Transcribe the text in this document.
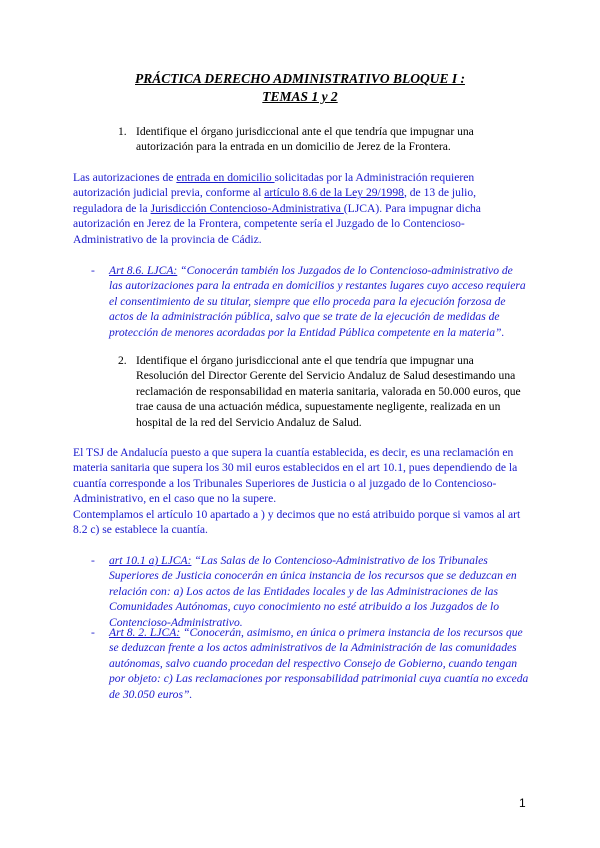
PRÁCTICA DERECHO ADMINISTRATIVO BLOQUE I :
TEMAS 1 y 2
1. Identifique el órgano jurisdiccional ante el que tendría que impugnar una autorización para la entrada en un domicilio de Jerez de la Frontera.
Las autorizaciones de entrada en domicilio solicitadas por la Administración requieren autorización judicial previa, conforme al artículo 8.6 de la Ley 29/1998, de 13 de julio, reguladora de la Jurisdicción Contencioso-Administrativa (LJCA). Para impugnar dicha autorización en Jerez de la Frontera, competente sería el Juzgado de lo Contencioso-Administrativo de la provincia de Cádiz.
- Art 8.6. LJCA: “Conocerán también los Juzgados de lo Contencioso-administrativo de las autorizaciones para la entrada en domicilios y restantes lugares cuyo acceso requiera el consentimiento de su titular, siempre que ello proceda para la ejecución forzosa de actos de la administración pública, salvo que se trate de la ejecución de medidas de protección de menores acordadas por la Entidad Pública competente en la materia”.
2. Identifique el órgano jurisdiccional ante el que tendría que impugnar una Resolución del Director Gerente del Servicio Andaluz de Salud desestimando una reclamación de responsabilidad en materia sanitaria, valorada en 50.000 euros, que trae causa de una actuación médica, supuestamente negligente, realizada en un hospital de la red del Servicio Andaluz de Salud.
El TSJ de Andalucía puesto a que supera la cuantía establecida, es decir, es una reclamación en materia sanitaria que supera los 30 mil euros establecidos en el art 10.1, pues dependiendo de la cuantía corresponde a los Tribunales Superiores de Justicia o al juzgado de lo Contencioso-Administrativo, en el caso que no la supere.
Contemplamos el artículo 10 apartado a ) y decimos que no está atribuido porque si vamos al art 8.2 c) se establece la cuantía.
- art 10.1 a) LJCA: “Las Salas de lo Contencioso-Administrativo de los Tribunales Superiores de Justicia conocerán en única instancia de los recursos que se deduzcan en relación con: a) Los actos de las Entidades locales y de las Administraciones de las Comunidades Autónomas, cuyo conocimiento no esté atribuido a los Juzgados de lo Contencioso-Administrativo.
- Art 8. 2. LJCA: “Conocerán, asimismo, en única o primera instancia de los recursos que se deduzcan frente a los actos administrativos de la Administración de las comunidades autónomas, salvo cuando procedan del respectivo Consejo de Gobierno, cuando tengan por objeto: c) Las reclamaciones por responsabilidad patrimonial cuya cuantía no exceda de 30.050 euros”.
1
